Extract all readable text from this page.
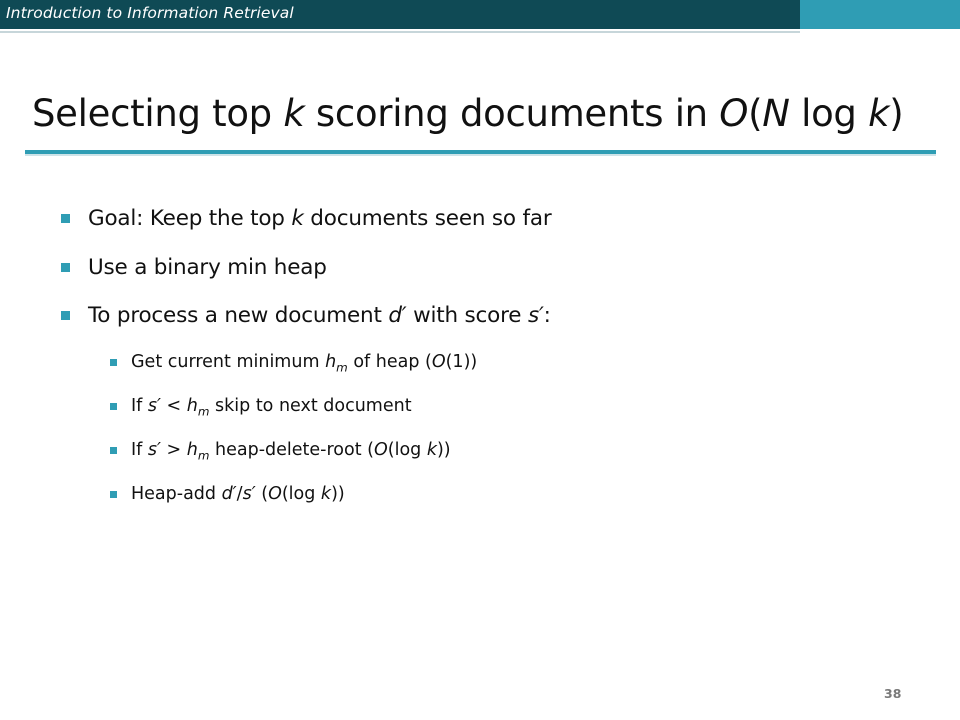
Introduction to Information Retrieval
Selecting top k scoring documents in O(N log k)
Goal: Keep the top k documents seen so far
Use a binary min heap
To process a new document d′ with score s′:
Get current minimum $h_m$ of heap (O(1))
If $s' < h_m$ skip to next document
If $s' > h_m$ heap-delete-root (O(log k))
Heap-add d′/s′ (O(log k))
38
